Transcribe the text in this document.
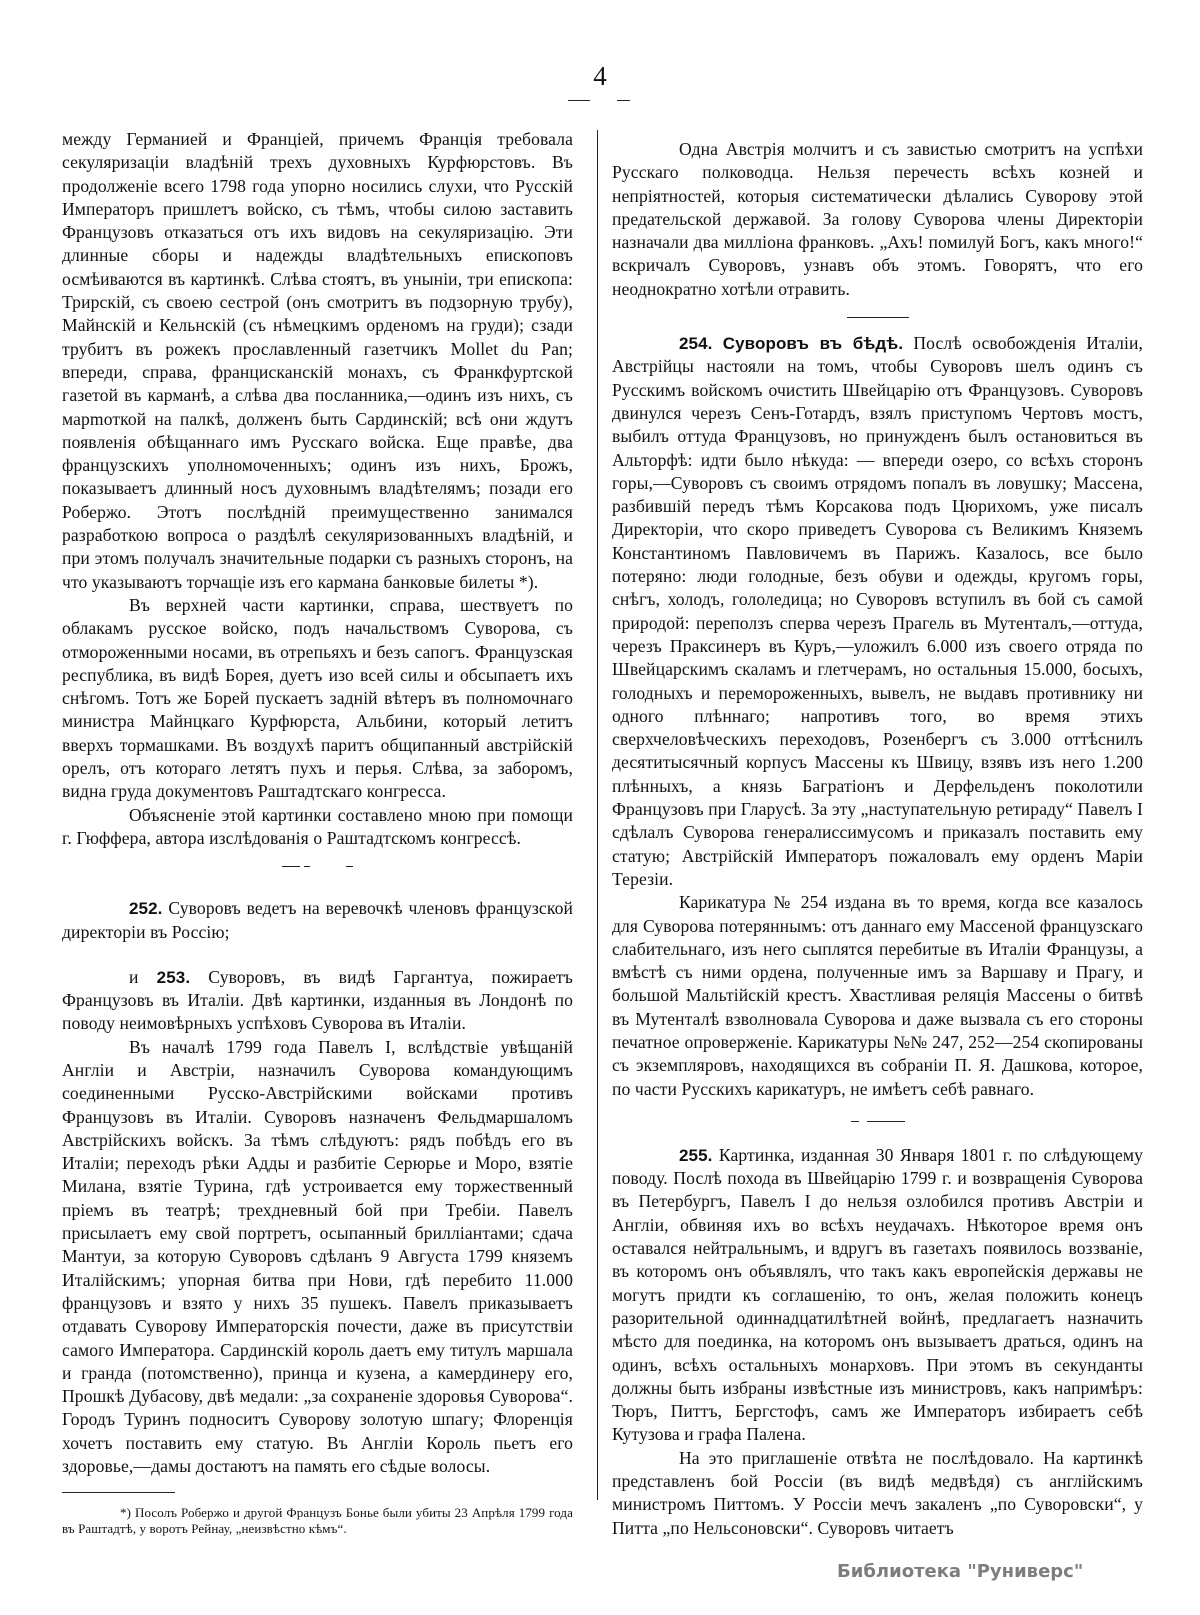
4

между Германией и Франціей, причемъ Франція требовала секуляризаціи владѣній трехъ духовныхъ Курфюрстовъ. Въ продолженіе всего 1798 года упорно носились слухи, что Русскій Императоръ пришлетъ войско, съ тѣмъ, чтобы силою заставить Французовъ отказаться отъ ихъ видовъ на секуляризацію. Эти длинные сборы и надежды владѣтельныхъ епископовъ осмѣиваются въ картинкѣ. Слѣва стоятъ, въ уныніи, три епископа: Трирскій, съ своею сестрой (онъ смотритъ въ подзорную трубу), Майнскій и Кельнскій (съ нѣмецкимъ орденомъ на груди); сзади трубитъ въ рожекъ прославленный газетчикъ Mollet du Pan; впереди, справа, францисканскій монахъ, съ Франкфуртской газетой въ карманѣ, а слѣва два посланника,—одинъ изъ нихъ, съ марmоткой на палкѣ, долженъ быть Сардинскій; всѣ они ждутъ появленія обѣщаннаго имъ Русскаго войска. Еще правѣе, два французскихъ уполномоченныхъ; одинъ изъ нихъ, Брожъ, показываетъ длинный носъ духовнымъ владѣтелямъ; позади его Робержо. Этотъ послѣдній преимущественно занимался разработкою вопроса о раздѣлѣ секуляризованныхъ владѣній, и при этомъ получалъ значительные подарки съ разныхъ сторонъ, на что указываютъ торчащіе изъ его кармана банковые билеты *).

Въ верхней части картинки, справа, шествуетъ по облакамъ русское войско, подъ начальствомъ Суворова, съ отмороженными носами, въ отрепьяхъ и безъ сапогъ. Французская республика, въ видѣ Борея, дуетъ изо всей силы и обсыпаетъ ихъ снѣгомъ. Тотъ же Борей пускаетъ задній вѣтеръ въ полномочнаго министра Майнцкаго Курфюрста, Альбини, который летитъ вверхъ тормашками. Въ воздухѣ паритъ общипанный австрійскій орелъ, отъ котораго летятъ пухъ и перья. Слѣва, за заборомъ, видна груда документовъ Раштадтскаго конгресса.

Объясненіе этой картинки составлено мною при помощи г. Гюффера, автора изслѣдованія о Раштадтскомъ конгрессѣ.

252. Суворовъ ведетъ на веревочкѣ членовъ французской директоріи въ Россію;

и 253. Суворовъ, въ видѣ Гаргантуа, пожираетъ Французовъ въ Италіи. Двѣ картинки, изданныя въ Лондонѣ по поводу неимовѣрныхъ успѣховъ Суворова въ Италіи.

Въ началѣ 1799 года Павелъ I, вслѣдствіе увѣщаній Англіи и Австріи, назначилъ Суворова командующимъ соединенными Русско-Австрійскими войсками противъ Французовъ въ Италіи. Суворовъ назначенъ Фельдмаршаломъ Австрійскихъ войскъ. За тѣмъ слѣдуютъ: рядъ побѣдъ его въ Италіи; переходъ рѣки Адды и разбитіе Серюрье и Моро, взятіе Милана, взятіе Турина, гдѣ устроивается ему торжественный пріемъ въ театрѣ; трехдневный бой при Требіи. Павелъ присылаетъ ему свой портретъ, осыпанный бриллiантами; сдача Мантуи, за которую Суворовъ сдѣланъ 9 Августа 1799 княземъ Италійскимъ; упорная битва при Нови, гдѣ перебито 11.000 французовъ и взято у нихъ 35 пушекъ. Павелъ приказываетъ отдавать Суворову Императорскія почести, даже въ присутствіи самого Императора. Сардинскій король даетъ ему титулъ маршала и гранда (потомственно), принца и кузена, а камердинеру его, Прошкѣ Дубасову, двѣ медали: „за сохраненіе здоровья Суворова“. Городъ Туринъ подноситъ Суворову золотую шпагу; Флоренція хочетъ поставить ему статую. Въ Англіи Король пьетъ его здоровье,—дамы достаютъ на память его сѣдые волосы.

*) Посолъ Робержо и другой Французъ Бонье были убиты 23 Апрѣля 1799 года въ Раштадтѣ, у воротъ Рейнау, „неизвѣстно кѣмъ“.

Одна Австрія молчитъ и съ завистью смотритъ на успѣхи Русскаго полководца. Нельзя перечесть всѣхъ козней и непріятностей, которыя систематически дѣлались Суворову этой предательской державой. За голову Суворова члены Директоріи назначали два милліона франковъ. „Ахъ! помилуй Богъ, какъ много!“ вскричалъ Суворовъ, узнавъ объ этомъ. Говорятъ, что его неоднократно хотѣли отравить.

254. Суворовъ въ бѣдѣ. Послѣ освобожденія Италіи, Австрійцы настояли на томъ, чтобы Суворовъ шелъ одинъ съ Русскимъ войскомъ очистить Швейцарію отъ Французовъ. Суворовъ двинулся черезъ Сенъ-Готардъ, взялъ приступомъ Чертовъ мостъ, выбилъ оттуда Французовъ, но принужденъ былъ остановиться въ Альторфѣ: идти было нѣкуда: — впереди озеро, со всѣхъ сторонъ горы,—Суворовъ съ своимъ отрядомъ попалъ въ ловушку; Массена, разбившій передъ тѣмъ Корсакова подъ Цюрихомъ, уже писалъ Директоріи, что скоро приведетъ Суворова съ Великимъ Княземъ Константиномъ Павловичемъ въ Парижъ. Казалось, все было потеряно: люди голодные, безъ обуви и одежды, кругомъ горы, снѣгъ, холодъ, гололедица; но Суворовъ вступилъ въ бой съ самой природой: переползъ сперва черезъ Прагель въ Мутенталъ,—оттуда, черезъ Праксинеръ въ Куръ,—уложилъ 6.000 изъ своего отряда по Швейцарскимъ скаламъ и глетчерамъ, но остальныя 15.000, босыхъ, голодныхъ и перемороженныхъ, вывелъ, не выдавъ противнику ни одного плѣннаго; напротивъ того, во время этихъ сверхчеловѣческихъ переходовъ, Розенбергъ съ 3.000 оттѣснилъ десятитысячный корпусъ Массены къ Швицу, взявъ изъ него 1.200 плѣнныхъ, а князь Багратіонъ и Дерфельденъ поколотили Французовъ при Гларусѣ. За эту „наступательную ретираду“ Павелъ I сдѣлалъ Суворова генералиссимусомъ и приказалъ поставить ему статую; Австрійскій Императоръ пожаловалъ ему орденъ Маріи Терезіи.

Карикатура № 254 издана въ то время, когда все казалось для Суворова потеряннымъ: отъ даннаго ему Массеной французскаго слабительнаго, изъ него сыплятся перебитые въ Италіи Французы, а вмѣстѣ съ ними ордена, полученные имъ за Варшаву и Прагу, и большой Мальтійскій крестъ. Хвастливая реляція Массены о битвѣ въ Мутенталѣ взволновала Суворова и даже вызвала съ его стороны печатное опроверженіе. Карикатуры №№ 247, 252—254 скопированы съ экземпляровъ, находящихся въ собраніи П. Я. Дашкова, которое, по части Русскихъ карикатуръ, не имѣетъ себѣ равнаго.

255. Картинка, изданная 30 Января 1801 г. по слѣдующему поводу. Послѣ похода въ Швейцарію 1799 г. и возвращенія Суворова въ Петербургъ, Павелъ I до нельзя озлобился противъ Австріи и Англіи, обвиняя ихъ во всѣхъ неудачахъ. Нѣкоторое время онъ оставался нейтральнымъ, и вдругъ въ газетахъ появилось воззваніе, въ которомъ онъ объявлялъ, что такъ какъ европейскія державы не могутъ придти къ соглашенію, то онъ, желая положить конецъ разорительной одиннадцатилѣтней войнѣ, предлагаетъ назначить мѣсто для поединка, на которомъ онъ вызываетъ драться, одинъ на одинъ, всѣхъ остальныхъ монарховъ. При этомъ въ секунданты должны быть избраны извѣстные изъ министровъ, какъ напримѣръ: Тюръ, Питтъ, Бергстофъ, самъ же Императоръ избираетъ себѣ Кутузова и графа Палена.

На это приглашеніе отвѣта не послѣдовало. На картинкѣ представленъ бой Россіи (въ видѣ медвѣдя) съ англійскимъ министромъ Питтомъ. У Россіи мечъ закаленъ „по Суворовски“, у Питта „по Нельсоновски“. Суворовъ читаетъ

Библиотека "Руниверс"
